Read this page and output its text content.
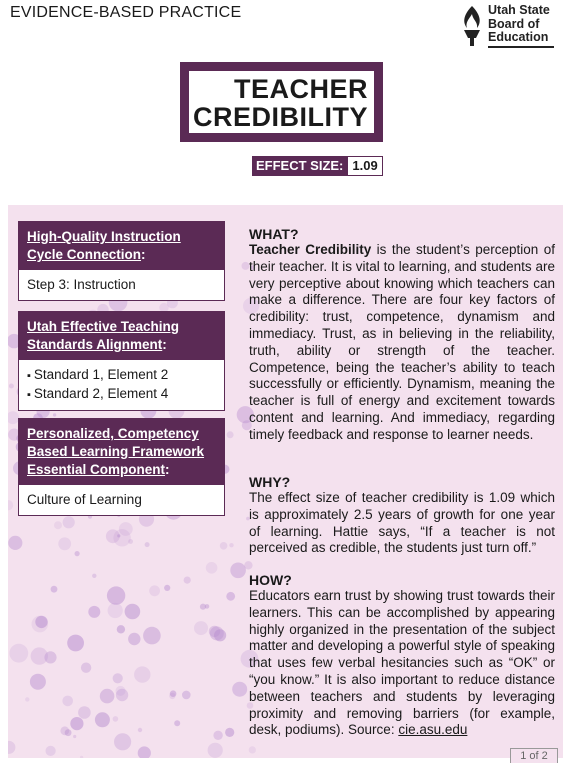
EVIDENCE-BASED PRACTICE	Utah State
Board of
Education
TEACHER
CREDIBILITY
EFFECT SIZE: 1.09
High-Quality Instruction
Cycle Connection:
Step 3: Instruction
Utah Effective Teaching
Standards Alignment:
▪ Standard 1, Element 2
▪ Standard 2, Element 4
Personalized, Competency
Based Learning Framework
Essential Component:
Culture of Learning
WHAT?

Teacher Credibility is the student’s perception of their teacher. It is vital to learning, and students are very perceptive about knowing which teachers can make a difference. There are four key factors of credibility: trust, competence, dynamism and immediacy. Trust, as in believing in the reliability, truth, ability or strength of the teacher. Competence, being the teacher’s ability to teach successfully or efficiently. Dynamism, meaning the teacher is full of energy and excitement towards content and learning. And immediacy, regarding timely feedback and response to learner needs.

WHY?

The effect size of teacher credibility is 1.09 which is approximately 2.5 years of growth for one year of learning. Hattie says, “If a teacher is not perceived as credible, the students just turn off.”

HOW?

Educators earn trust by showing trust towards their learners. This can be accomplished by appearing highly organized in the presentation of the subject matter and developing a powerful style of speaking that uses few verbal hesitancies such as “OK” or “you know.” It is also important to reduce distance between teachers and students by leveraging proximity and removing barriers (for example, desk, podiums). Source: cie.asu.edu

1 of 2
